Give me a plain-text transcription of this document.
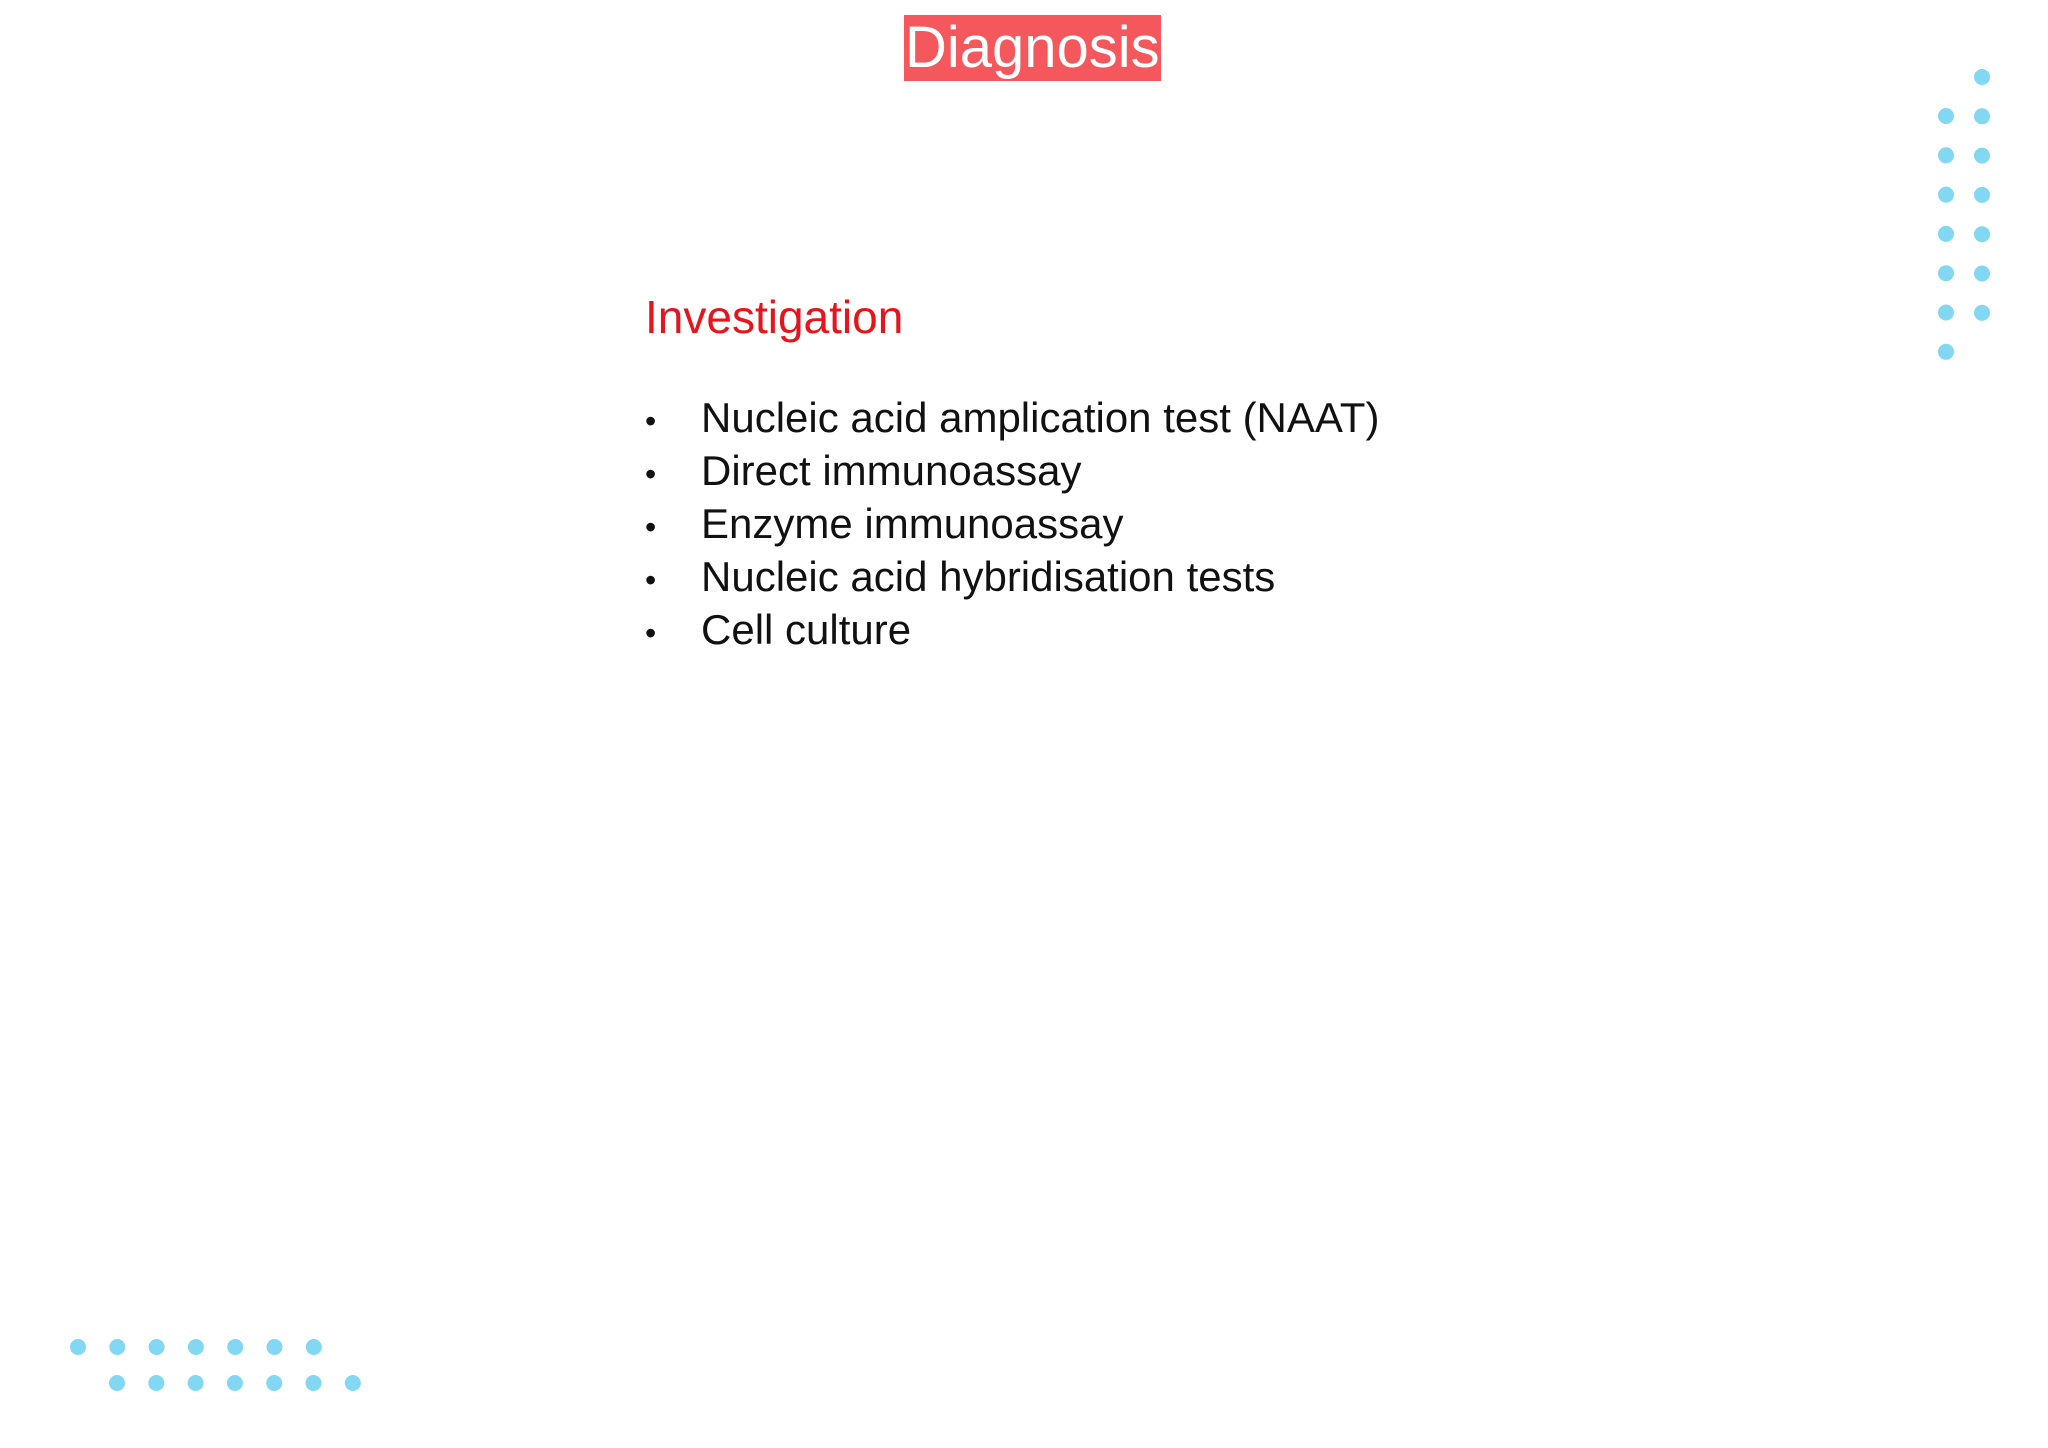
Diagnosis
Investigation
•	Nucleic acid amplication test (NAAT)
•	Direct immunoassay
•	Enzyme immunoassay
•	Nucleic acid hybridisation tests
•	Cell culture
